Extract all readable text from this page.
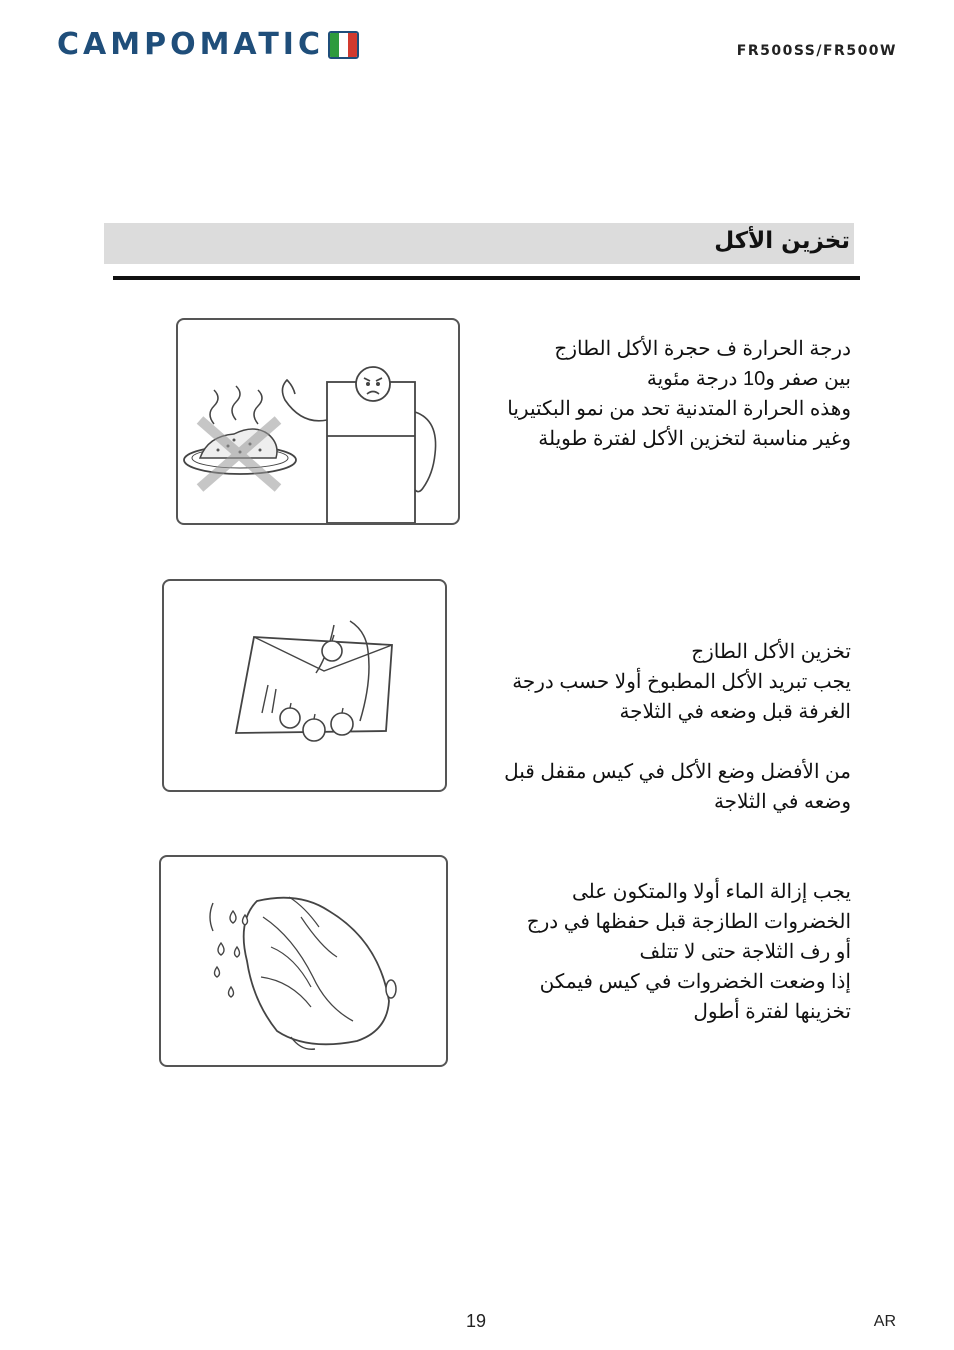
CAMPOMATIC	FR500SS/FR500W
تخزين الأكل

درجة الحرارة ف حجرة الأكل الطازج

بين صفر و10 درجة مئوية

وهذه الحرارة المتدنية تحد من نمو البكتيريا

وغير مناسبة لتخزين الأكل لفترة طويلة

تخزين الأكل الطازج

يجب تبريد الأكل المطبوخ أولا حسب درجة

الغرفة قبل وضعه في الثلاجة

من الأفضل وضع الأكل في كيس مقفل قبل

وضعه في الثلاجة

يجب إزالة الماء أولا والمتكون على

الخضروات الطازجة قبل حفظها في درج

أو رف الثلاجة حتى لا تتلف

إذا وضعت الخضروات في كيس فيمكن

تخزينها لفترة أطول

19	AR
